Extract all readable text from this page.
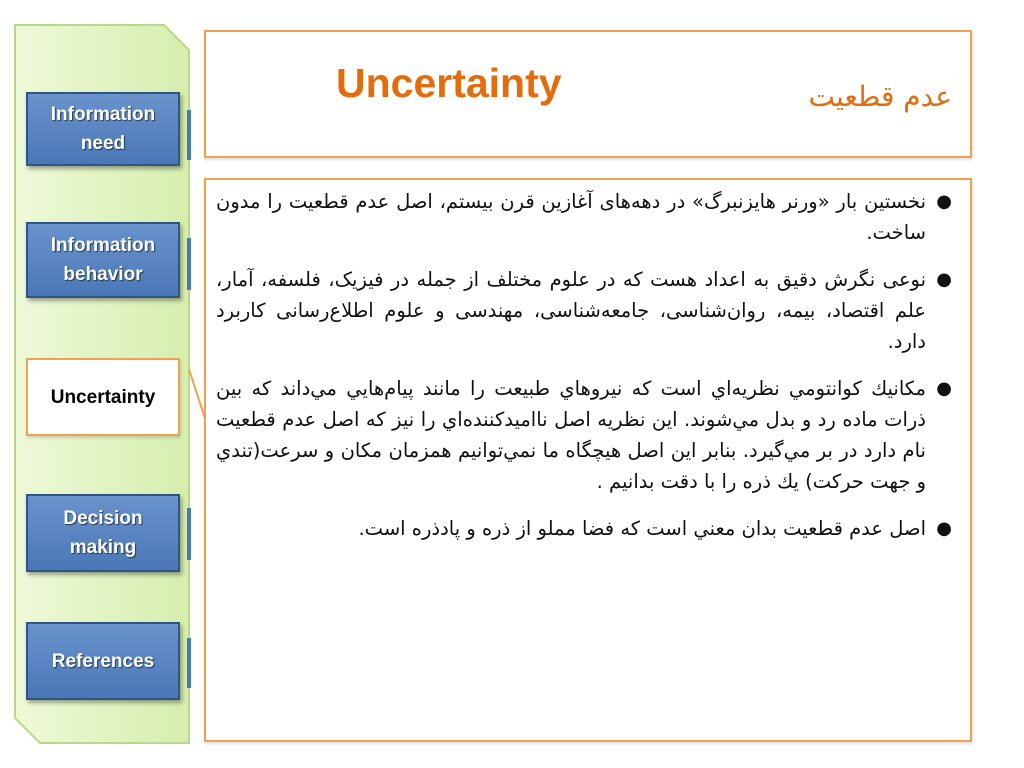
Information need
Information behavior
Uncertainty
Decision making
References
Uncertainty	عدم قطعیت
●
نخستین بار «ورنر هایزنبرگ» در دهه‌های آغازین قرن بیستم، اصل عدم قطعیت را مدون ساخت.
●
نوعی نگرش دقیق به اعداد هست که در علوم مختلف از جمله در فیزیک، فلسفه، آمار، علم اقتصاد، بیمه، روان‌شناسی، جامعه‌شناسی، مهندسی و علوم اطلاع‌رسانی کاربرد دارد.
●
مكانيك كوانتومي نظريه‌اي است كه نيروهاي طبيعت را مانند پيام‌هايي مي‌داند كه بين ذرات ماده رد و بدل مي‌شوند. اين نظريه اصل نااميدكننده‌اي را نيز كه اصل عدم قطعيت نام دارد در بر مي‌گيرد. بنابر اين اصل هيچگاه ما نمي‌توانيم همزمان مكان و سرعت(تندي و جهت حركت) يك ذره را با دقت بدانيم .
●
اصل عدم قطعيت بدان معني است كه فضا مملو از ذره و پادذره است.
